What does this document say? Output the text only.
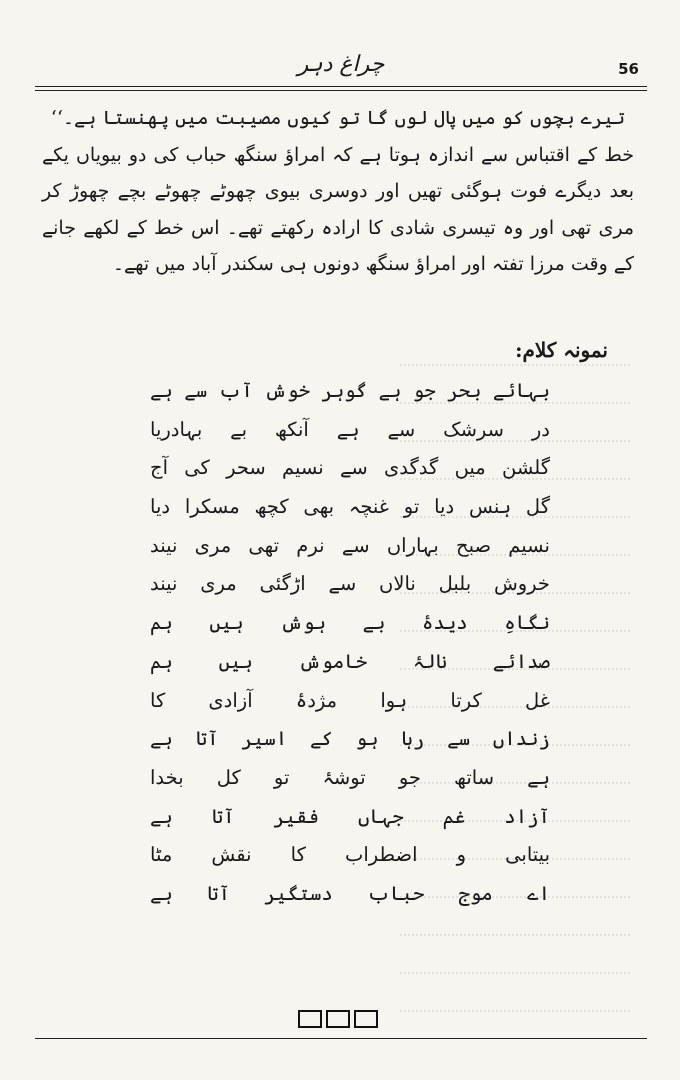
چراغ دہر	56

تیرے بچوں کو میں پال لوں گا تو کیوں مصیبت میں پھنستا ہے۔‘‘

خط کے اقتباس سے اندازہ ہوتا ہے کہ امراؤ سنگھ حباب کی دو بیویاں یکے بعد دیگرے فوت ہوگئی تھیں اور دوسری بیوی چھوٹے چھوٹے بچے چھوڑ کر مری تھی اور وہ تیسری شادی کا ارادہ رکھتے تھے۔ اس خط کے لکھے جانے کے وقت مرزا تفتہ اور امراؤ سنگھ دونوں ہی سکندر آباد میں تھے۔

نمونہ کلام:
بہائے بحر جو ہے گوہر خوش آب سے ہے
در سرشک سے ہے آنکھ بے بہادریا
گلشن میں گدگدی سے نسیم سحر کی آج
گل ہنس دیا تو غنچہ بھی کچھ مسکرا دیا
نسیم صبح بہاراں سے نرم تھی مری نیند
خروش بلبل نالاں سے اڑگئی مری نیند
نگاہِ دیدۂ بے ہوش ہیں ہم
صدائے نالۂ خاموش ہیں ہم
غل کرتا ہوا مژدۂ آزادی کا
زنداں سے رہا ہو کے اسیر آتا ہے
ہے ساتھ جو توشۂ تو کل بخدا
آزاد غم جہاں فقیر آتا ہے
بیتابی و اضطراب کا نقش مٹا
اے موج حباب دستگیر آتا ہے
